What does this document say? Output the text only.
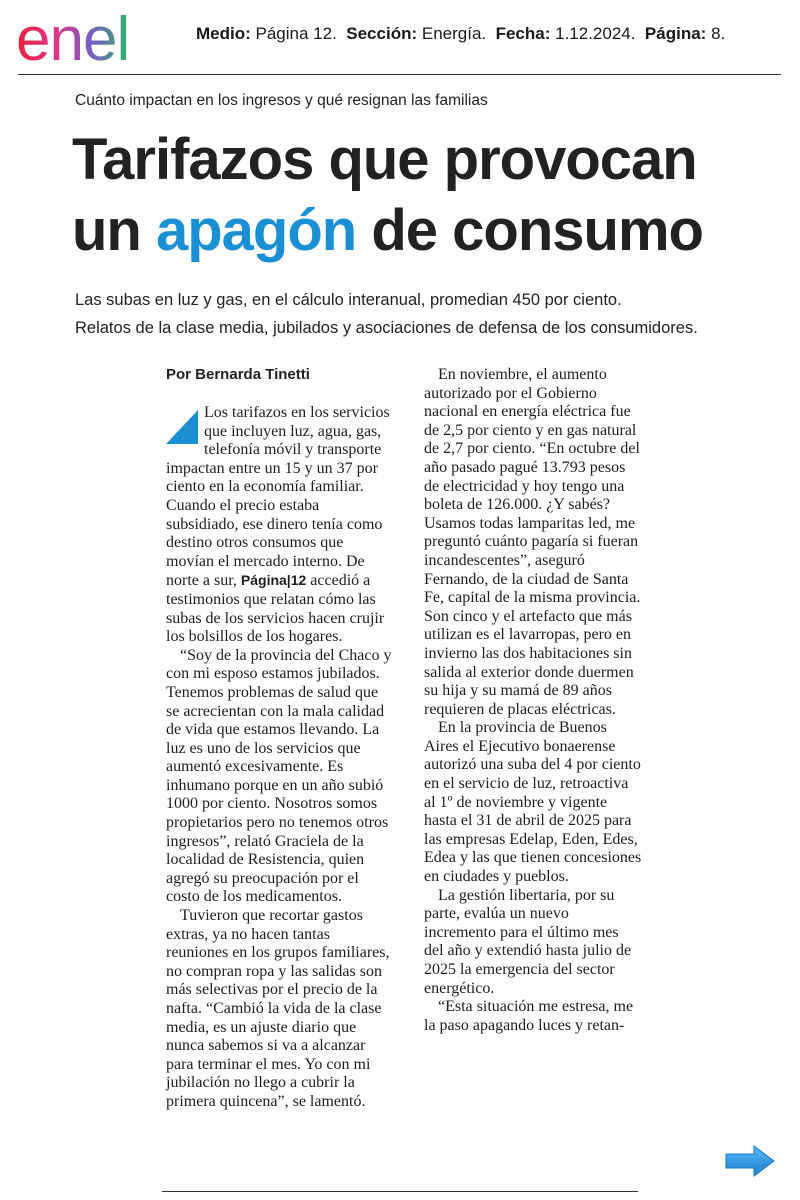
enel	Medio: Página 12. Sección: Energía. Fecha: 1.12.2024. Página: 8.
Cuánto impactan en los ingresos y qué resignan las familias
Tarifazos que provocan
un apagón de consumo
Las subas en luz y gas, en el cálculo interanual, promedian 450 por ciento.
Relatos de la clase media, jubilados y asociaciones de defensa de los consumidores.
Por Bernarda Tinetti

Los tarifazos en los servicios que incluyen luz, agua, gas, telefonía móvil y transporte impactan entre un 15 y un 37 por ciento en la economía familiar. Cuando el precio estaba subsidiado, ese dinero tenía como destino otros consumos que movían el mercado interno. De norte a sur, Página|12 accedió a testimonios que relatan cómo las subas de los servicios hacen crujir los bolsillos de los hogares.

“Soy de la provincia del Chaco y con mi esposo estamos jubilados. Tenemos problemas de salud que se acrecientan con la mala calidad de vida que estamos llevando. La luz es uno de los servicios que aumentó excesivamente. Es inhumano porque en un año subió 1000 por ciento. Nosotros somos propietarios pero no tenemos otros ingresos”, relató Graciela de la localidad de Resistencia, quien agregó su preocupación por el costo de los medicamentos.

Tuvieron que recortar gastos extras, ya no hacen tantas reuniones en los grupos familiares, no compran ropa y las salidas son más selectivas por el precio de la nafta. “Cambió la vida de la clase media, es un ajuste diario que nunca sabemos si va a alcanzar para terminar el mes. Yo con mi jubilación no llego a cubrir la primera quincena”, se lamentó.

En noviembre, el aumento autorizado por el Gobierno nacional en energía eléctrica fue de 2,5 por ciento y en gas natural de 2,7 por ciento. “En octubre del año pasado pagué 13.793 pesos de electricidad y hoy tengo una boleta de 126.000. ¿Y sabés? Usamos todas lamparitas led, me preguntó cuánto pagaría si fueran incandescentes”, aseguró Fernando, de la ciudad de Santa Fe, capital de la misma provincia. Son cinco y el artefacto que más utilizan es el lavarropas, pero en invierno las dos habitaciones sin salida al exterior donde duermen su hija y su mamá de 89 años requieren de placas eléctricas.

En la provincia de Buenos Aires el Ejecutivo bonaerense autorizó una suba del 4 por ciento en el servicio de luz, retroactiva al 1º de noviembre y vigente hasta el 31 de abril de 2025 para las empresas Edelap, Eden, Edes, Edea y las que tienen concesiones en ciudades y pueblos.

La gestión libertaria, por su parte, evalúa un nuevo incremento para el último mes del año y extendió hasta julio de 2025 la emergencia del sector energético.

“Esta situación me estresa, me la paso apagando luces y retan-
